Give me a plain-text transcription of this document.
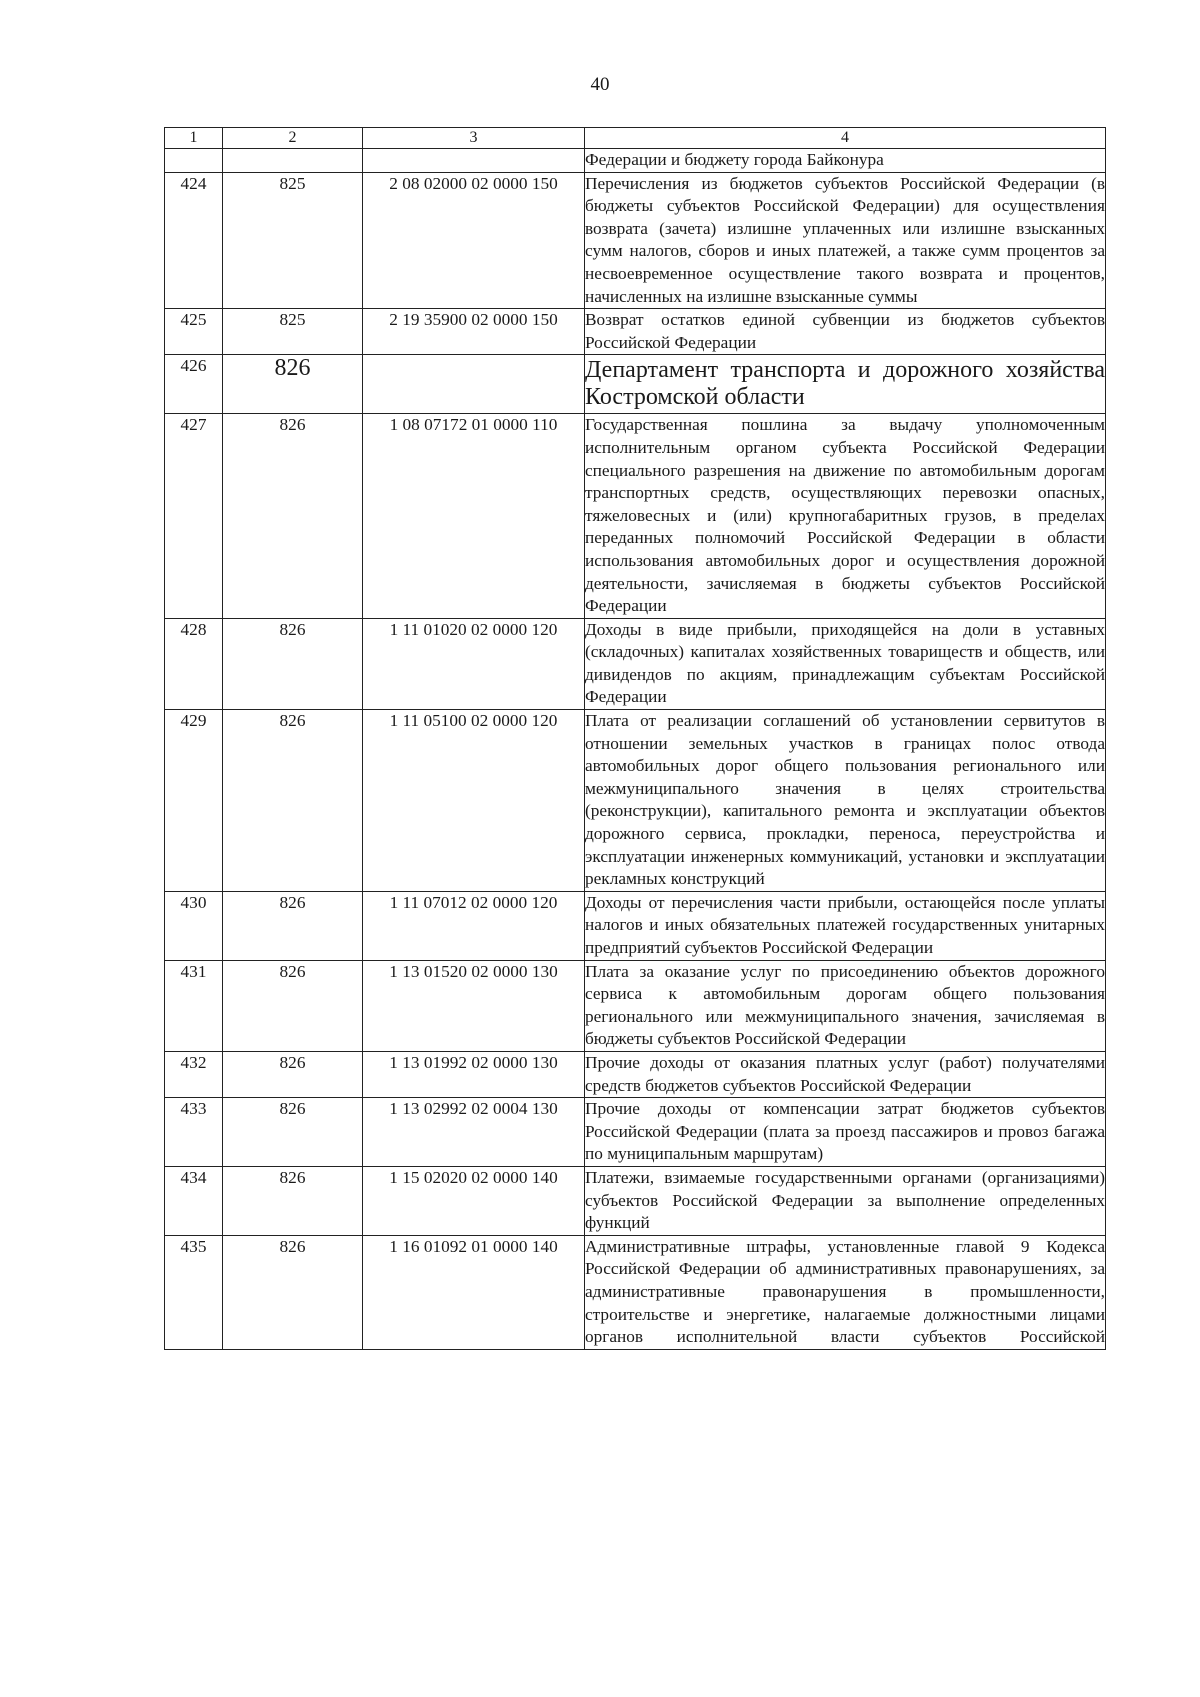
40
1	2	3	4
			Федерации и бюджету города Байконура
424	825	2 08 02000 02 0000 150	Перечисления из бюджетов субъектов Российской Федерации (в бюджеты субъектов Российской Федерации) для осуществления возврата (зачета) излишне уплаченных или излишне взысканных сумм налогов, сборов и иных платежей, а также сумм процентов за несвоевременное осуществление такого возврата и процентов, начисленных на излишне взысканные суммы
425	825	2 19 35900 02 0000 150	Возврат остатков единой субвенции из бюджетов субъектов Российской Федерации
426	826		Департамент транспорта и дорожного хозяйства Костромской области
427	826	1 08 07172 01 0000 110	Государственная пошлина за выдачу уполномоченным исполнительным органом субъекта Российской Федерации специального разрешения на движение по автомобильным дорогам транспортных средств, осуществляющих перевозки опасных, тяжеловесных и (или) крупногабаритных грузов, в пределах переданных полномочий Российской Федерации в области использования автомобильных дорог и осуществления дорожной деятельности, зачисляемая в бюджеты субъектов Российской Федерации
428	826	1 11 01020 02 0000 120	Доходы в виде прибыли, приходящейся на доли в уставных (складочных) капиталах хозяйственных товариществ и обществ, или дивидендов по акциям, принадлежащим субъектам Российской Федерации
429	826	1 11 05100 02 0000 120	Плата от реализации соглашений об установлении сервитутов в отношении земельных участков в границах полос отвода автомобильных дорог общего пользования регионального или межмуниципального значения в целях строительства (реконструкции), капитального ремонта и эксплуатации объектов дорожного сервиса, прокладки, переноса, переустройства и эксплуатации инженерных коммуникаций, установки и эксплуатации рекламных конструкций
430	826	1 11 07012 02 0000 120	Доходы от перечисления части прибыли, остающейся после уплаты налогов и иных обязательных платежей государственных унитарных предприятий субъектов Российской Федерации
431	826	1 13 01520 02 0000 130	Плата за оказание услуг по присоединению объектов дорожного сервиса к автомобильным дорогам общего пользования регионального или межмуниципального значения, зачисляемая в бюджеты субъектов Российской Федерации
432	826	1 13 01992 02 0000 130	Прочие доходы от оказания платных услуг (работ) получателями средств бюджетов субъектов Российской Федерации
433	826	1 13 02992 02 0004 130	Прочие доходы от компенсации затрат бюджетов субъектов Российской Федерации (плата за проезд пассажиров и провоз багажа по муниципальным маршрутам)
434	826	1 15 02020 02 0000 140	Платежи, взимаемые государственными органами (организациями) субъектов Российской Федерации за выполнение определенных функций
435	826	1 16 01092 01 0000 140	Административные штрафы, установленные главой 9 Кодекса Российской Федерации об административных правонарушениях, за административные правонарушения в промышленности, строительстве и энергетике, налагаемые должностными лицами органов исполнительной власти субъектов Российской
